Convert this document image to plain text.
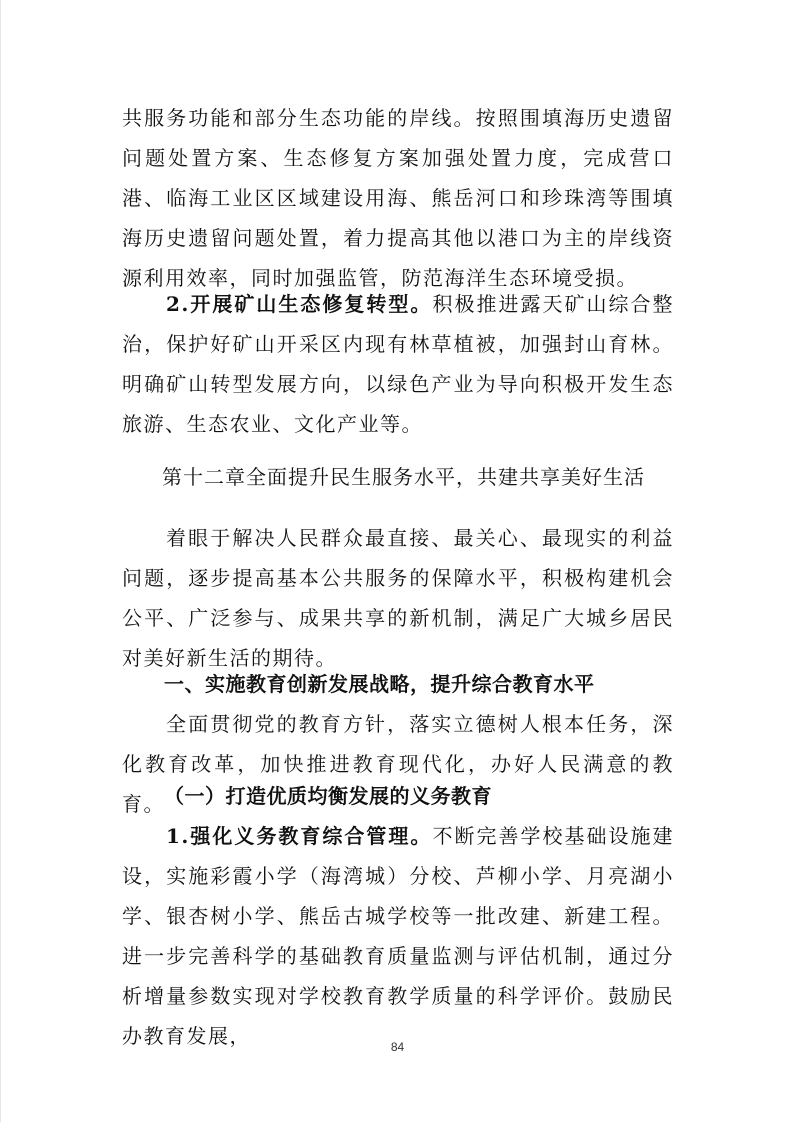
共服务功能和部分生态功能的岸线。按照围填海历史遗留问题处置方案、生态修复方案加强处置力度，完成营口港、临海工业区区域建设用海、熊岳河口和珍珠湾等围填海历史遗留问题处置，着力提高其他以港口为主的岸线资源利用效率，同时加强监管，防范海洋生态环境受损。

2.开展矿山生态修复转型。积极推进露天矿山综合整治，保护好矿山开采区内现有林草植被，加强封山育林。明确矿山转型发展方向，以绿色产业为导向积极开发生态旅游、生态农业、文化产业等。

第十二章全面提升民生服务水平，共建共享美好生活

着眼于解决人民群众最直接、最关心、最现实的利益问题，逐步提高基本公共服务的保障水平，积极构建机会公平、广泛参与、成果共享的新机制，满足广大城乡居民对美好新生活的期待。

一、实施教育创新发展战略，提升综合教育水平

全面贯彻党的教育方针，落实立德树人根本任务，深化教育改革，加快推进教育现代化，办好人民满意的教育。 （一）打造优质均衡发展的义务教育

1.强化义务教育综合管理。不断完善学校基础设施建设，实施彩霞小学（海湾城）分校、芦柳小学、月亮湖小学、银杏树小学、熊岳古城学校等一批改建、新建工程。进一步完善科学的基础教育质量监测与评估机制，通过分析增量参数实现对学校教育教学质量的科学评价。鼓励民办教育发展，	84
